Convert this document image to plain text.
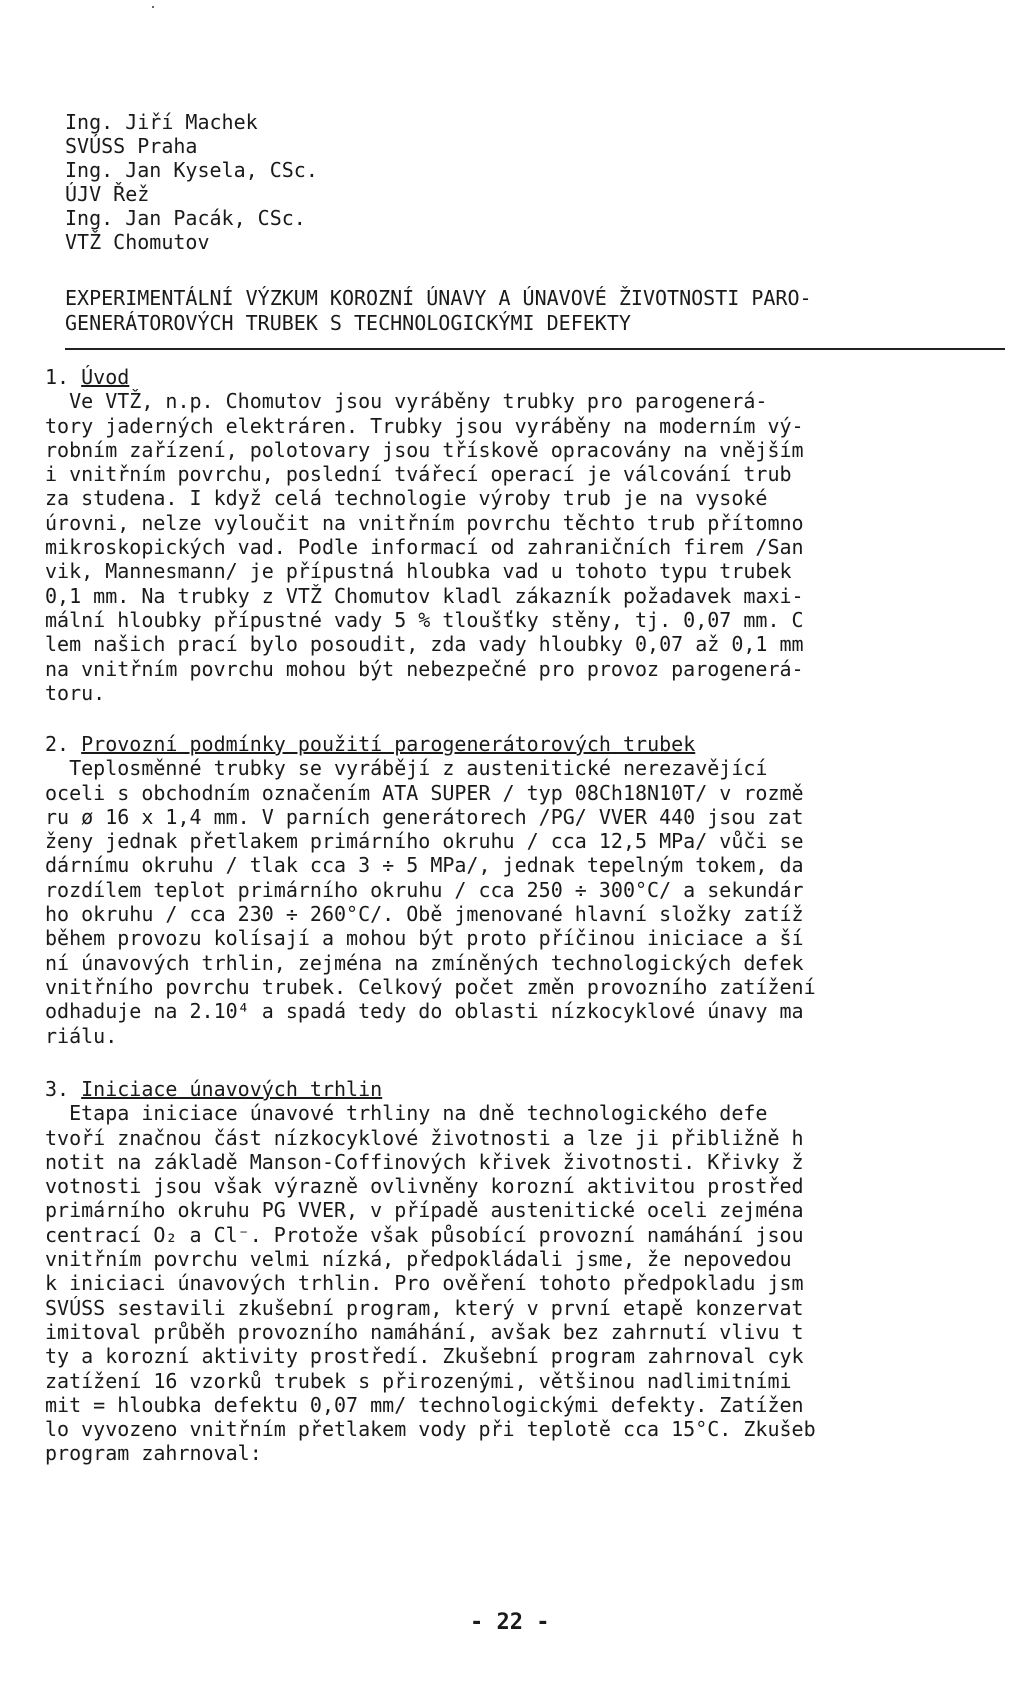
Ing. Jiří Machek
SVÚSS Praha
Ing. Jan Kysela, CSc.
ÚJV Řež
Ing. Jan Pacák, CSc.
VTŽ Chomutov
EXPERIMENTÁLNÍ VÝZKUM KOROZNÍ ÚNAVY A ÚNAVOVÉ ŽIVOTNOSTI PARO-
GENERÁTOROVÝCH TRUBEK S TECHNOLOGICKÝMI DEFEKTY
1. Úvod
Ve VTŽ, n.p. Chomutov jsou vyráběny trubky pro parogenerá-
tory jaderných elektráren. Trubky jsou vyráběny na moderním vý-
robním zařízení, polotovary jsou třískově opracovány na vnějším
i vnitřním povrchu, poslední tvářecí operací je válcování trub
za studena. I když celá technologie výroby trub je na vysoké
úrovni, nelze vyloučit na vnitřním povrchu těchto trub přítomno
mikroskopických vad. Podle informací od zahraničních firem /San
vik, Mannesmann/ je přípustná hloubka vad u tohoto typu trubek
0,1 mm. Na trubky z VTŽ Chomutov kladl zákazník požadavek maxi-
mální hloubky přípustné vady 5 % tloušťky stěny, tj. 0,07 mm. C
lem našich prací bylo posoudit, zda vady hloubky 0,07 až 0,1 mm
na vnitřním povrchu mohou být nebezpečné pro provoz parogenerá-
toru.
2. Provozní podmínky použití parogenerátorových trubek
Teplosměnné trubky se vyrábějí z austenitické nerezavějící
oceli s obchodním označením ATA SUPER / typ 08Ch18N10T/ v rozmě
ru ø 16 x 1,4 mm. V parních generátorech /PG/ VVER 440 jsou zat
ženy jednak přetlakem primárního okruhu / cca 12,5 MPa/ vůči se
dárnímu okruhu / tlak cca 3 ÷ 5 MPa/, jednak tepelným tokem, da
rozdílem teplot primárního okruhu / cca 250 ÷ 300°C/ a sekundár
ho okruhu / cca 230 ÷ 260°C/. Obě jmenované hlavní složky zatíž
během provozu kolísají a mohou být proto příčinou iniciace a ší
ní únavových trhlin, zejména na zmíněných technologických defek
vnitřního povrchu trubek. Celkový počet změn provozního zatížení
odhaduje na 2.10⁴ a spadá tedy do oblasti nízkocyklové únavy ma
riálu.
3. Iniciace únavových trhlin
Etapa iniciace únavové trhliny na dně technologického defe
tvoří značnou část nízkocyklové životnosti a lze ji přibližně h
notit na základě Manson-Coffinových křivek životnosti. Křivky ž
votnosti jsou však výrazně ovlivněny korozní aktivitou prostřed
primárního okruhu PG VVER, v případě austenitické oceli zejména
centrací O₂ a Cl⁻. Protože však působící provozní namáhání jsou
vnitřním povrchu velmi nízká, předpokládali jsme, že nepovedou
k iniciaci únavových trhlin. Pro ověření tohoto předpokladu jsm
SVÚSS sestavili zkušební program, který v první etapě konzervat
imitoval průběh provozního namáhání, avšak bez zahrnutí vlivu t
ty a korozní aktivity prostředí. Zkušební program zahrnoval cyk
zatížení 16 vzorků trubek s přirozenými, většinou nadlimitními
mit = hloubka defektu 0,07 mm/ technologickými defekty. Zatížen
lo vyvozeno vnitřním přetlakem vody při teplotě cca 15°C. Zkušeb
program zahrnoval:
- 22 -
